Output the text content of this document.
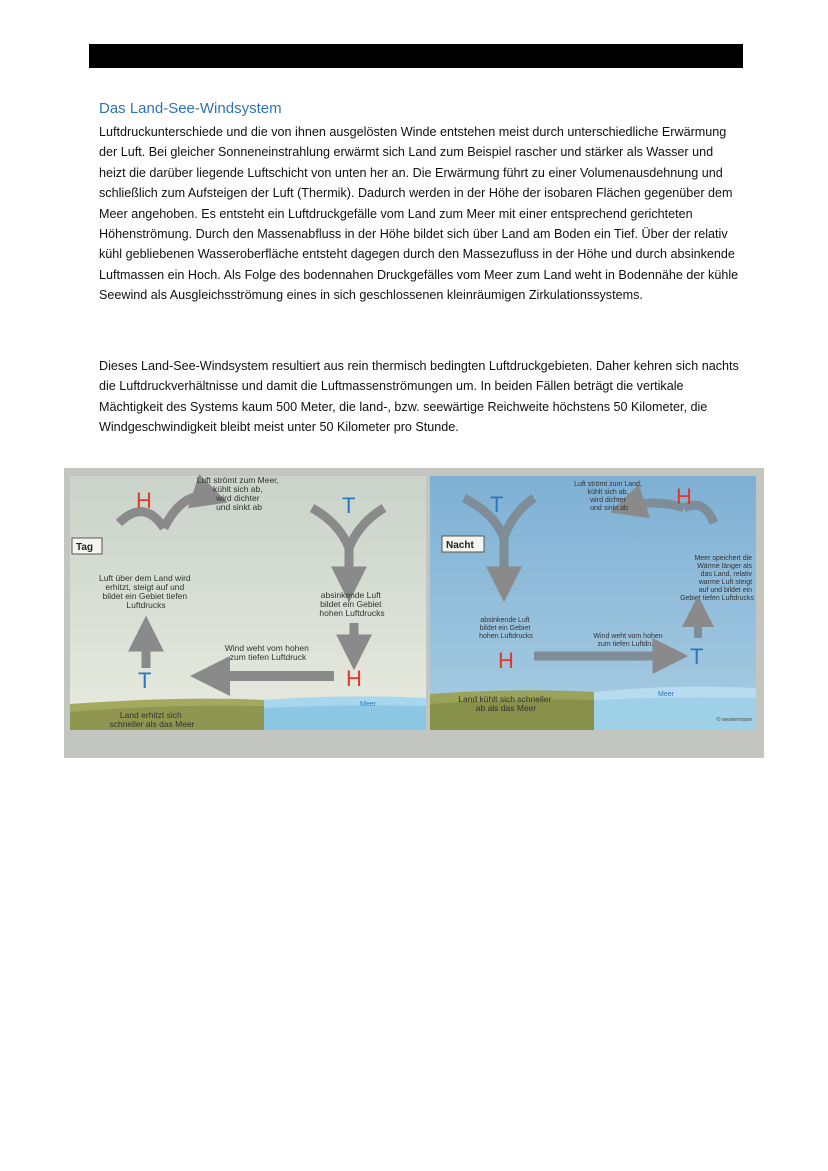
Das Land-See-Windsystem

Luftdruckunterschiede und die von ihnen ausgelösten Winde entstehen meist durch unterschiedliche Erwärmung der Luft. Bei gleicher Sonneneinstrahlung erwärmt sich Land zum Beispiel rascher und stärker als Wasser und heizt die darüber liegende Luftschicht von unten her an. Die Erwärmung führt zu einer Volumenausdehnung und schließlich zum Aufsteigen der Luft (Thermik). Dadurch werden in der Höhe der isobaren Flächen gegenüber dem Meer angehoben. Es entsteht ein Luftdruckgefälle vom Land zum Meer mit einer entsprechend gerichteten Höhenströmung. Durch den Massenabfluss in der Höhe bildet sich über Land am Boden ein Tief. Über der relativ kühl gebliebenen Wasseroberfläche entsteht dagegen durch den Massezufluss in der Höhe und durch absinkende Luftmassen ein Hoch. Als Folge des bodennahen Druckgefälles vom Meer zum Land weht in Bodennähe der kühle Seewind als Ausgleichsströmung eines in sich geschlossenen kleinräumigen Zirkulationssystems.

Dieses Land-See-Windsystem resultiert aus rein thermisch bedingten Luftdruckgebieten. Daher kehren sich nachts die Luftdruckverhältnisse und damit die Luftmassenströmungen um. In beiden Fällen beträgt die vertikale Mächtigkeit des Systems kaum 500 Meter, die land-, bzw. seewärtige Reichweite höchstens 50 Kilometer, die Windgeschwindigkeit bleibt meist unter 50 Kilometer pro Stunde.

Tag
H	T
Luft strömt zum Meer, kühlt sich ab, wird dichter und sinkt ab
Luft über dem Land wird erhitzt, steigt auf und bildet ein Gebiet tiefen Luftdrucks
T
absinkende Luft bildet ein Gebiet hohen Luftdrucks
H
Wind weht vom hohen zum tiefen Luftdruck
Meer
Land erhitzt sich schneller als das Meer
Nacht
T	H
Luft strömt zum Land, kühlt sich ab, wird dichter und sinkt ab
absinkende Luft bildet ein Gebiet hohen Luftdrucks
H
Meer speichert die Wärme länger als das Land, relativ warme Luft steigt auf und bildet ein Gebiet tiefen Luftdrucks
T
Wind weht vom hohen zum tiefen Luftdruck
Meer
Land kühlt sich schneller ab als das Meer
© westermann
